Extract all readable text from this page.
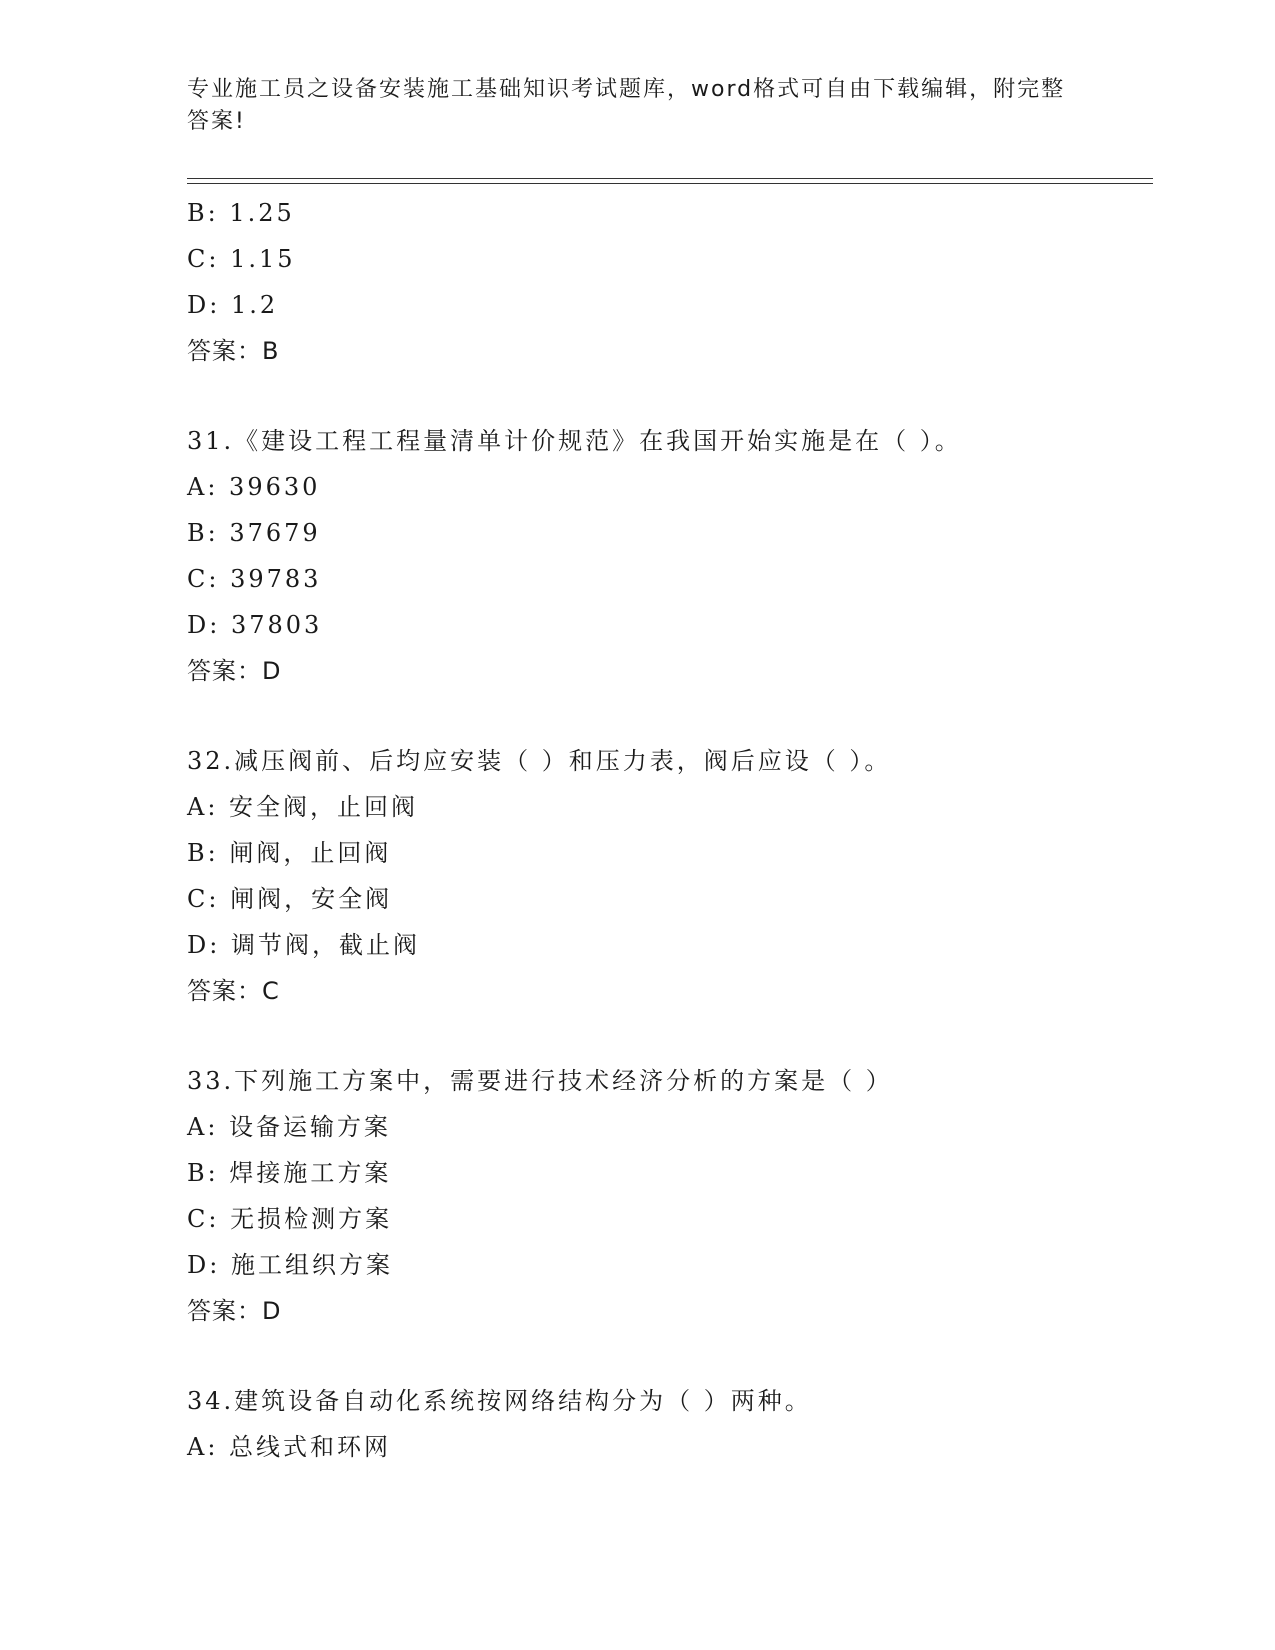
专业施工员之设备安装施工基础知识考试题库，word格式可自由下载编辑，附完整答案!
B: 1.25
C: 1.15
D: 1.2
答案：B
31.《建设工程工程量清单计价规范》在我国开始实施是在（ ）。
A: 39630
B: 37679
C: 39783
D: 37803
答案：D
32.减压阀前、后均应安装（ ）和压力表，阀后应设（ ）。
A: 安全阀，止回阀
B: 闸阀，止回阀
C: 闸阀，安全阀
D: 调节阀，截止阀
答案：C
33.下列施工方案中，需要进行技术经济分析的方案是（ ）
A: 设备运输方案
B: 焊接施工方案
C: 无损检测方案
D: 施工组织方案
答案：D
34.建筑设备自动化系统按网络结构分为（ ）两种。
A: 总线式和环网
